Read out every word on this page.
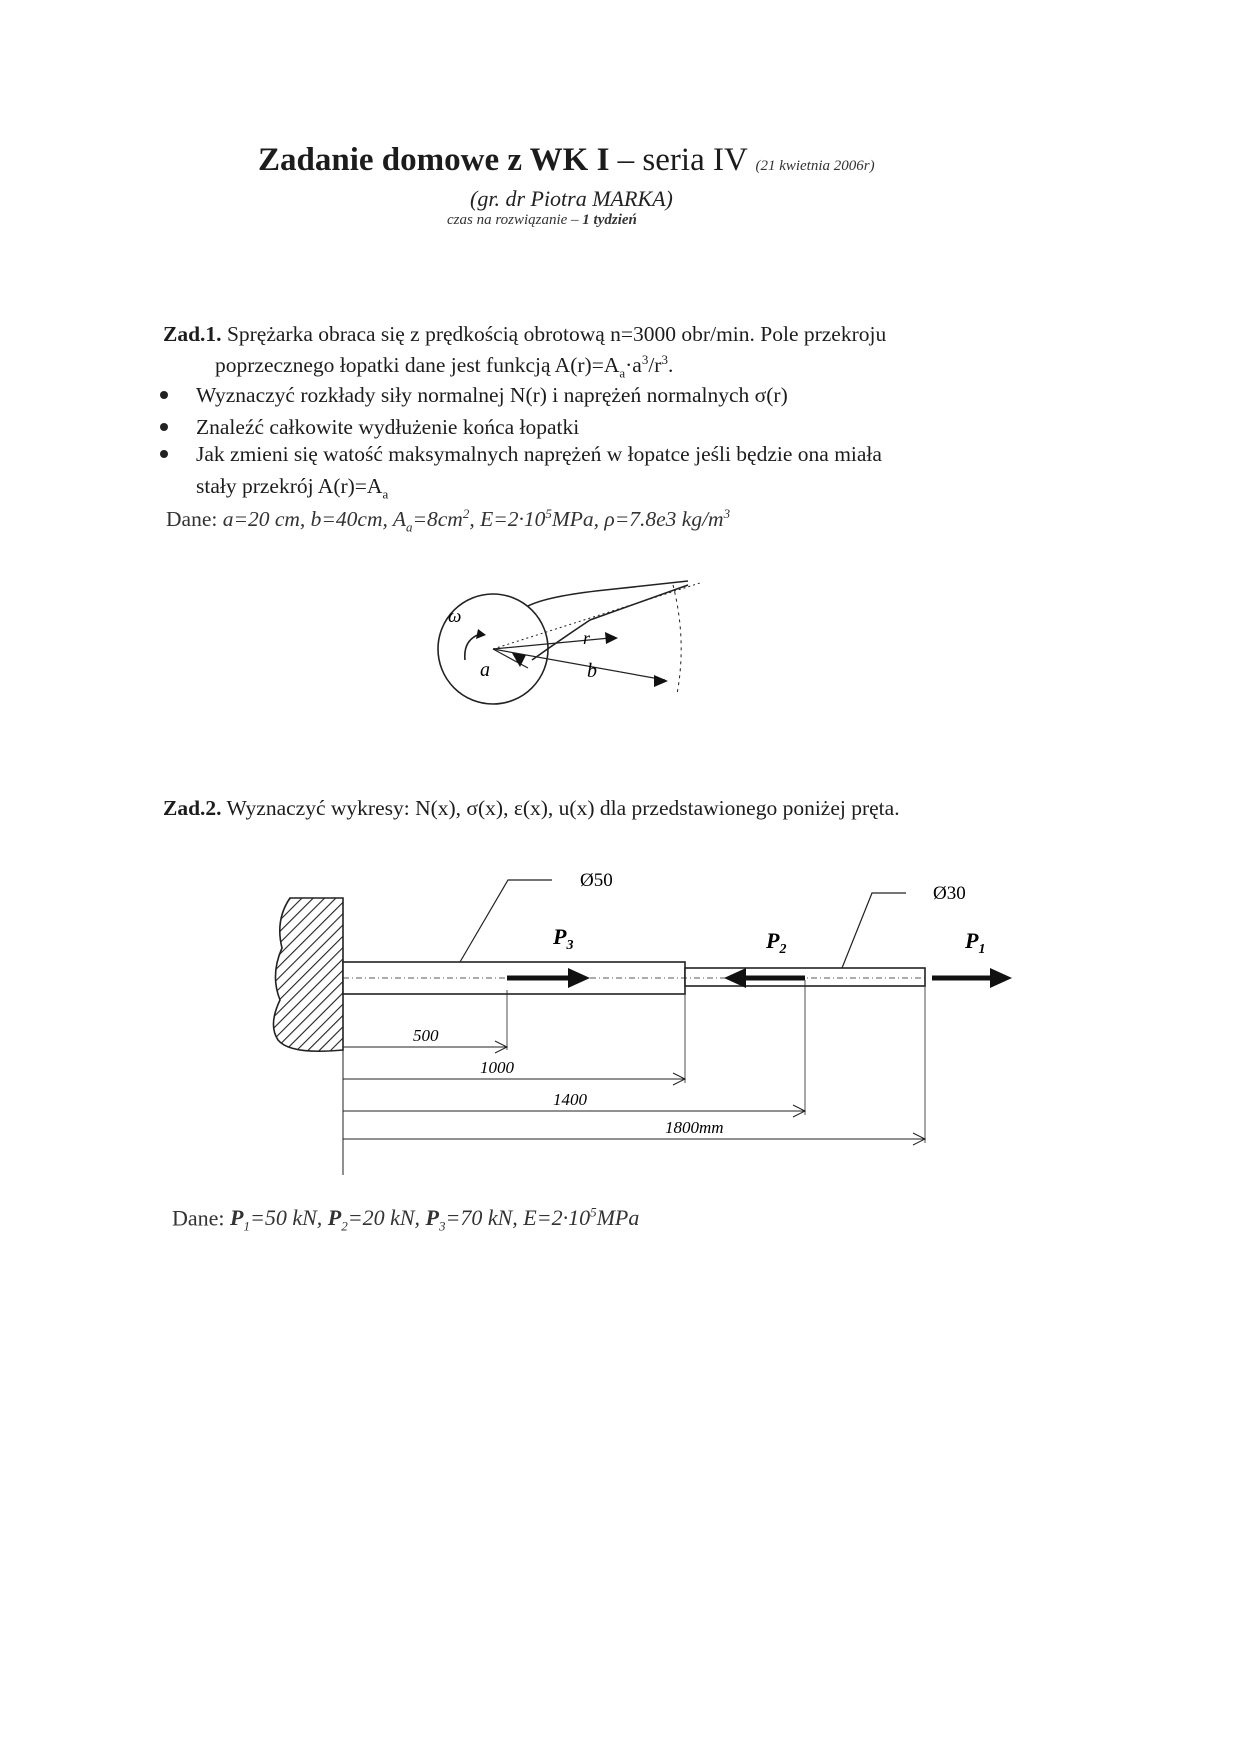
Zadanie domowe z WK I – seria IV (21 kwietnia 2006r)
(gr. dr Piotra MARKA)
czas na rozwiązanie – 1 tydzień
Zad.1. Sprężarka obraca się z prędkością obrotową n=3000 obr/min. Pole przekroju
poprzecznego łopatki dane jest funkcją $A(r)=A_a\cdot a^3/r^3$.
Wyznaczyć rozkłady siły normalnej N(r) i naprężeń normalnych σ(r)
Znaleźć całkowite wydłużenie końca łopatki
Jak zmieni się watość maksymalnych naprężeń w łopatce jeśli będzie ona miała
stały przekrój $A(r)=A_a$
Dane: a=20 cm, b=40cm, $A_a=8cm^2$, $E=2\cdot 10^5MPa$, ρ=7.8e3 $kg/m^3$
ω
a	b
r
Zad.2. Wyznaczyć wykresy: N(x), σ(x), ε(x), u(x) dla przedstawionego poniżej pręta.
Ø50
Ø30
$P_3$	$P_2$	$P_1$
500
1000
1400
1800mm
Dane: $P_1=50$ kN, $P_2=20$ kN, $P_3=70$ kN, $E=2\cdot 10^5MPa$
